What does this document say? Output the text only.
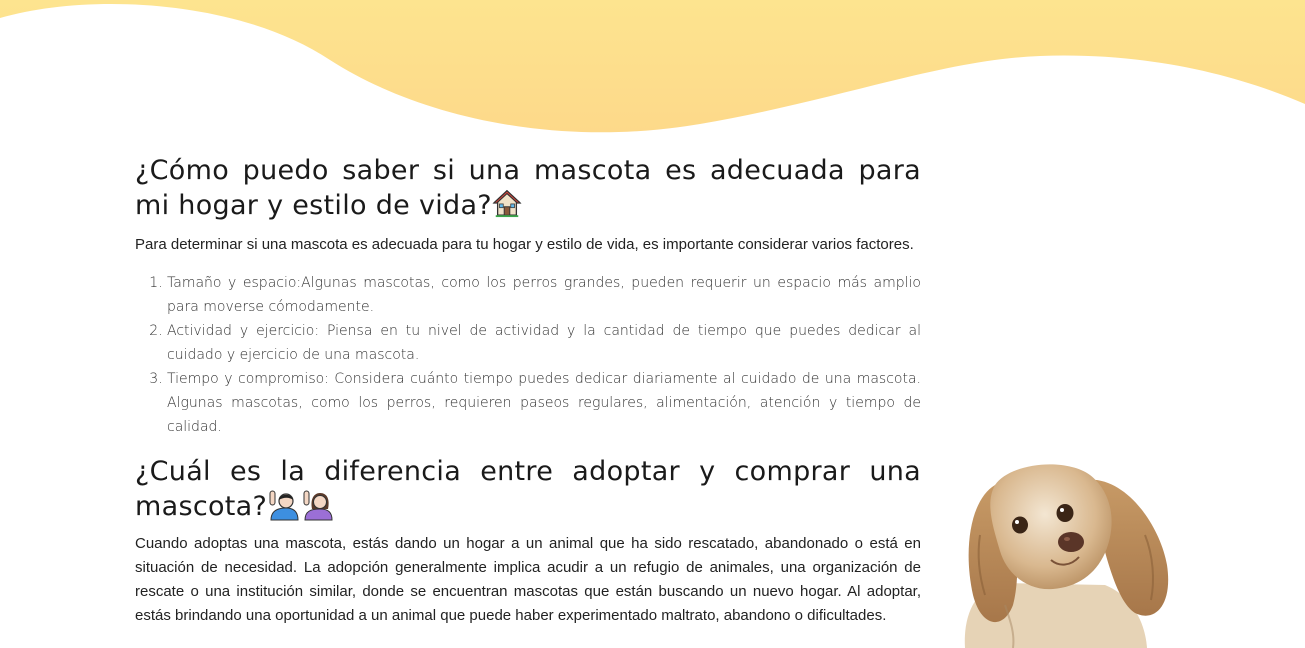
¿Cómo puedo saber si una mascota es adecuada para mi hogar y estilo de vida?

Para determinar si una mascota es adecuada para tu hogar y estilo de vida, es importante considerar varios factores.

1. Tamaño y espacio:Algunas mascotas, como los perros grandes, pueden requerir un espacio más amplio para moverse cómodamente.
2. Actividad y ejercicio: Piensa en tu nivel de actividad y la cantidad de tiempo que puedes dedicar al cuidado y ejercicio de una mascota.
3. Tiempo y compromiso: Considera cuánto tiempo puedes dedicar diariamente al cuidado de una mascota. Algunas mascotas, como los perros, requieren paseos regulares, alimentación, atención y tiempo de calidad.
¿Cuál es la diferencia entre adoptar y comprar una mascota?

Cuando adoptas una mascota, estás dando un hogar a un animal que ha sido rescatado, abandonado o está en situación de necesidad. La adopción generalmente implica acudir a un refugio de animales, una organización de rescate o una institución similar, donde se encuentran mascotas que están buscando un nuevo hogar. Al adoptar, estás brindando una oportunidad a un animal que puede haber experimentado maltrato, abandono o dificultades.
